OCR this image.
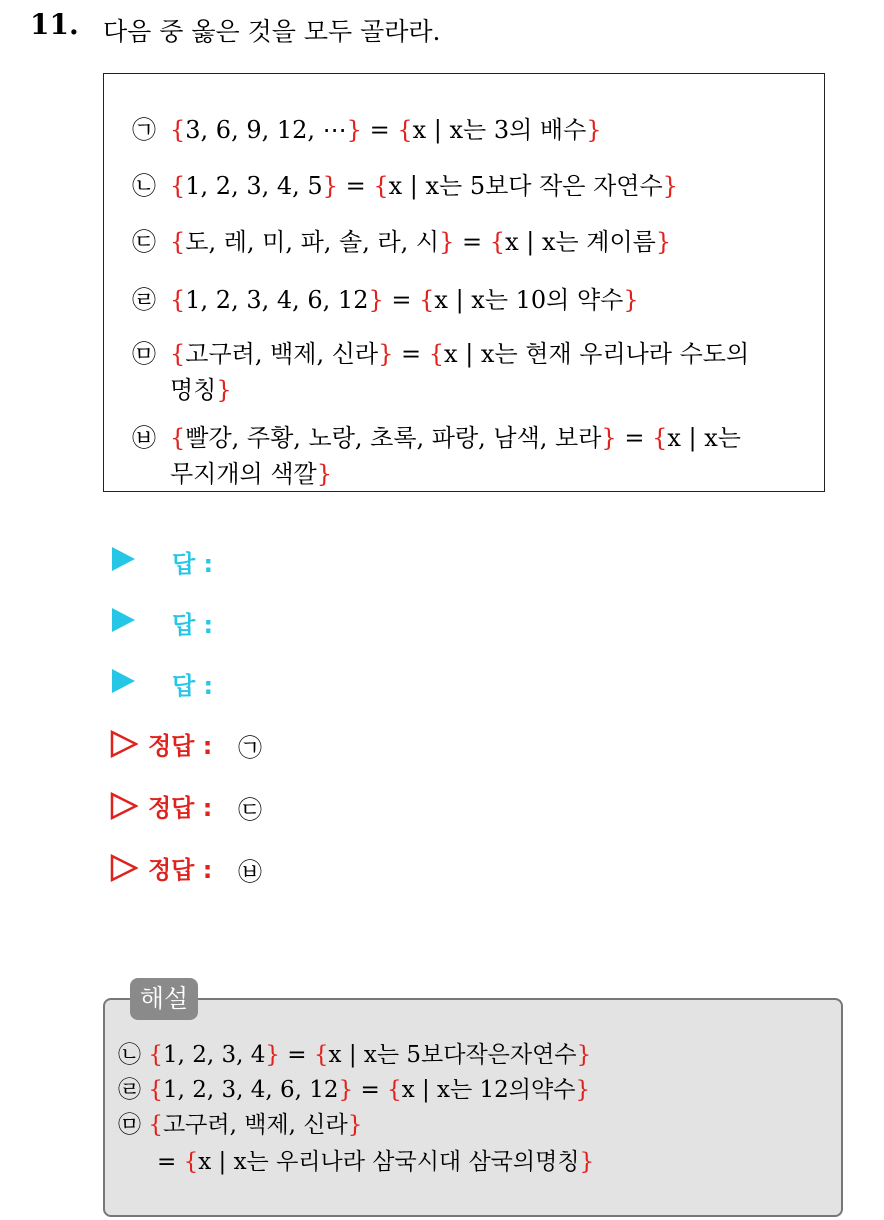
11. 다음 중 옳은 것을 모두 골라라.
㉠ {3, 6, 9, 12, ⋯} = {x | x는 3의 배수}
㉡ {1, 2, 3, 4, 5} = {x | x는 5보다 작은 자연수}
㉢ {도, 레, 미, 파, 솔, 라, 시} = {x | x는 계이름}
㉣ {1, 2, 3, 4, 6, 12} = {x | x는 10의 약수}
㉤ {고구려, 백제, 신라} = {x | x는 현재 우리나라 수도의
명칭}
㉥ {빨강, 주황, 노랑, 초록, 파랑, 남색, 보라} = {x | x는
무지개의 색깔}
답 :
답 :
답 :
정답 : ㉠
정답 : ㉢
정답 : ㉥
㉡ {1, 2, 3, 4} = {x | x는 5보다작은자연수}
㉣ {1, 2, 3, 4, 6, 12} = {x | x는 12의약수}
㉤ {고구려, 백제, 신라}
= {x | x는 우리나라 삼국시대 삼국의명칭}
해설
